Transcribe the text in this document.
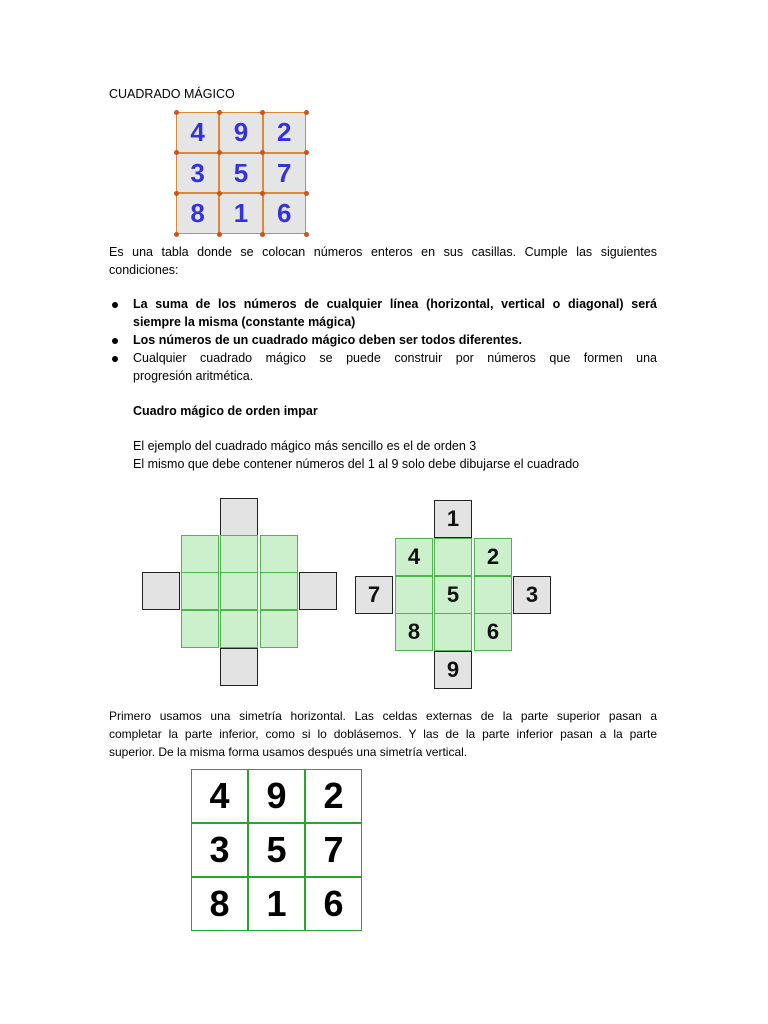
CUADRADO MÁGICO
4	9	2
3	5	7
8	1	6
Es una tabla donde se colocan números enteros en sus casillas. Cumple las siguientes
condiciones:
La suma de los números de cualquier línea (horizontal, vertical o diagonal) será
siempre la misma (constante mágica)
Los números de un cuadrado mágico deben ser todos diferentes.
Cualquier cuadrado mágico se puede construir por números que formen una
progresión aritmética.
Cuadro mágico de orden impar
El ejemplo del cuadrado mágico más sencillo es el de orden 3
El mismo que debe contener números del 1 al 9 solo debe dibujarse el cuadrado
1
7	3
9
4	2
5
8	6
Primero usamos una simetría horizontal. Las celdas externas de la parte superior pasan a
completar la parte inferior, como si lo doblásemos. Y las de la parte inferior pasan a la parte
superior. De la misma forma usamos después una simetría vertical.
4	9	2
3	5	7
8	1	6
